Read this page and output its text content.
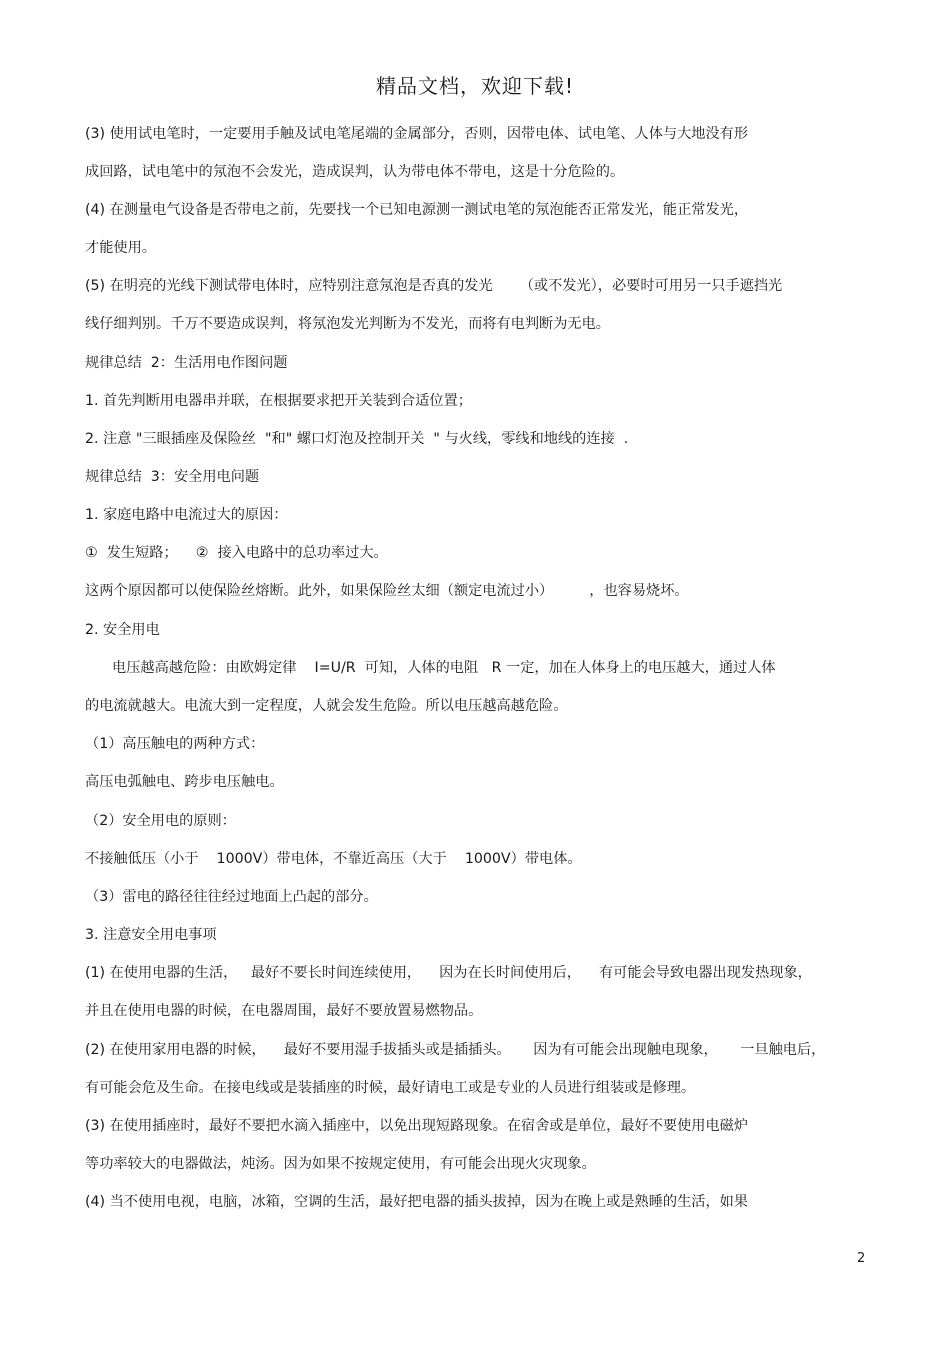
精品文档，欢迎下载!
(3) 使用试电笔时，一定要用手触及试电笔尾端的金属部分，否则，因带电体、试电笔、人体与大地没有形
成回路，试电笔中的氖泡不会发光，造成误判，认为带电体不带电，这是十分危险的。
(4) 在测量电气设备是否带电之前，先要找一个已知电源测一测试电笔的氖泡能否正常发光，能正常发光，
才能使用。
(5) 在明亮的光线下测试带电体时，应特别注意氖泡是否真的发光      （或不发光），必要时可用另一只手遮挡光
线仔细判别。千万不要造成误判，将氖泡发光判断为不发光，而将有电判断为无电。
规律总结  2：生活用电作图问题
1. 首先判断用电器串并联，在根据要求把开关装到合适位置；
2. 注意 "三眼插座及保险丝  "和" 螺口灯泡及控制开关  " 与火线，零线和地线的连接  .
规律总结  3：安全用电问题
1. 家庭电路中电流过大的原因：
①  发生短路；    ②  接入电路中的总功率过大。
这两个原因都可以使保险丝熔断。此外，如果保险丝太细（额定电流过小）        ，也容易烧坏。
2. 安全用电
电压越高越危险：由欧姆定律    I=U/R  可知，人体的电阻   R 一定，加在人体身上的电压越大，通过人体
的电流就越大。电流大到一定程度，人就会发生危险。所以电压越高越危险。
（1）高压触电的两种方式：
高压电弧触电、跨步电压触电。
（2）安全用电的原则：
不接触低压（小于    1000V）带电体，不靠近高压（大于    1000V）带电体。
（3）雷电的路径往往经过地面上凸起的部分。
3. 注意安全用电事项
(1) 在使用电器的生活，   最好不要长时间连续使用，    因为在长时间使用后，    有可能会导致电器出现发热现象，
并且在使用电器的时候，在电器周围，最好不要放置易燃物品。
(2) 在使用家用电器的时候，    最好不要用湿手拔插头或是插插头。     因为有可能会出现触电现象，     一旦触电后，
有可能会危及生命。在接电线或是装插座的时候，最好请电工或是专业的人员进行组装或是修理。
(3) 在使用插座时，最好不要把水滴入插座中，以免出现短路现象。在宿舍或是单位，最好不要使用电磁炉
等功率较大的电器做法，炖汤。因为如果不按规定使用，有可能会出现火灾现象。
(4) 当不使用电视，电脑，冰箱，空调的生活，最好把电器的插头拔掉，因为在晚上或是熟睡的生活，如果
2
